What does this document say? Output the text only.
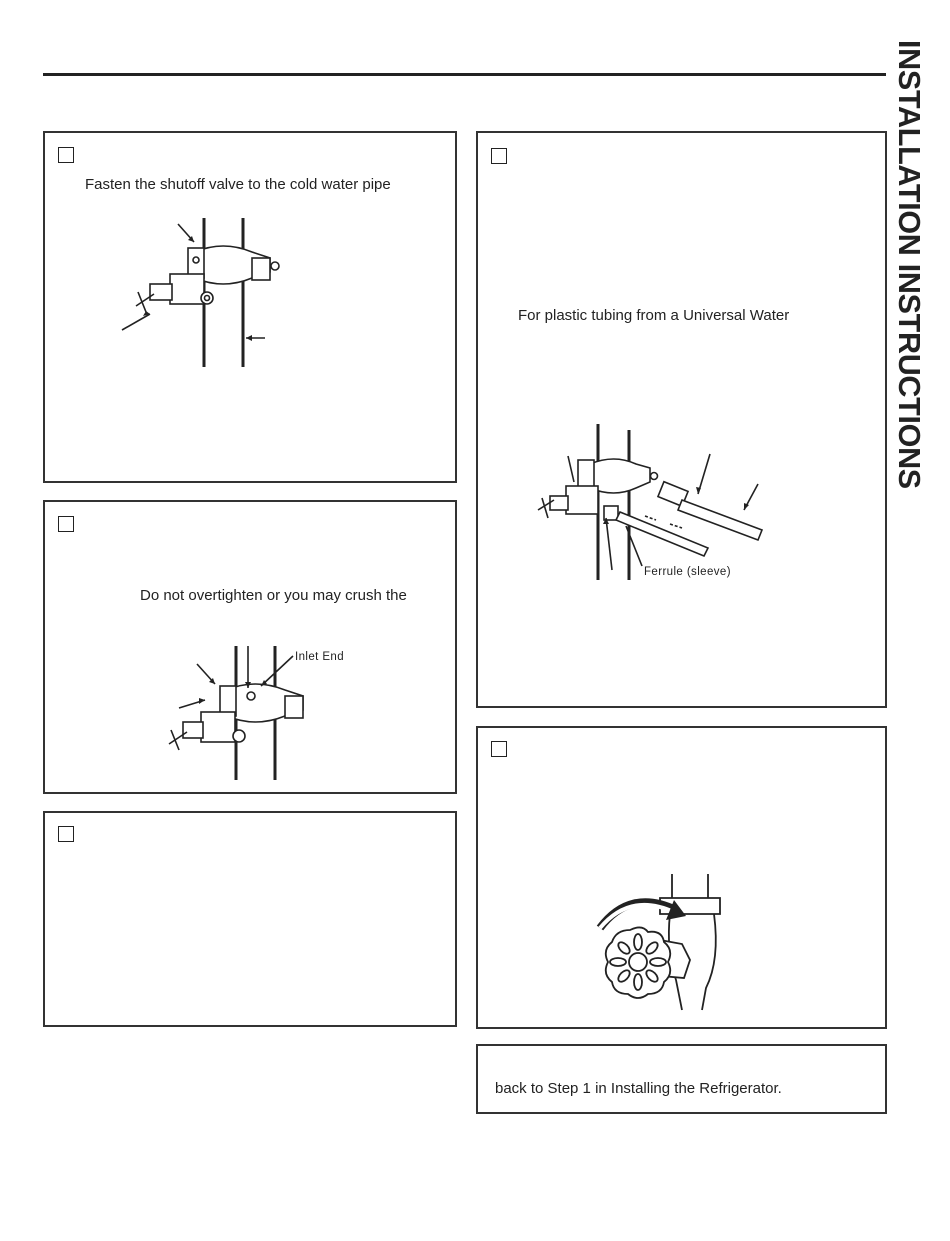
INSTALLATION INSTRUCTIONS
Fasten the shutoff valve to the cold water pipe
Do not overtighten or you may crush the
Inlet End
For plastic tubing from a Universal Water
Ferrule (sleeve)
back to Step 1 in Installing the Refrigerator.
